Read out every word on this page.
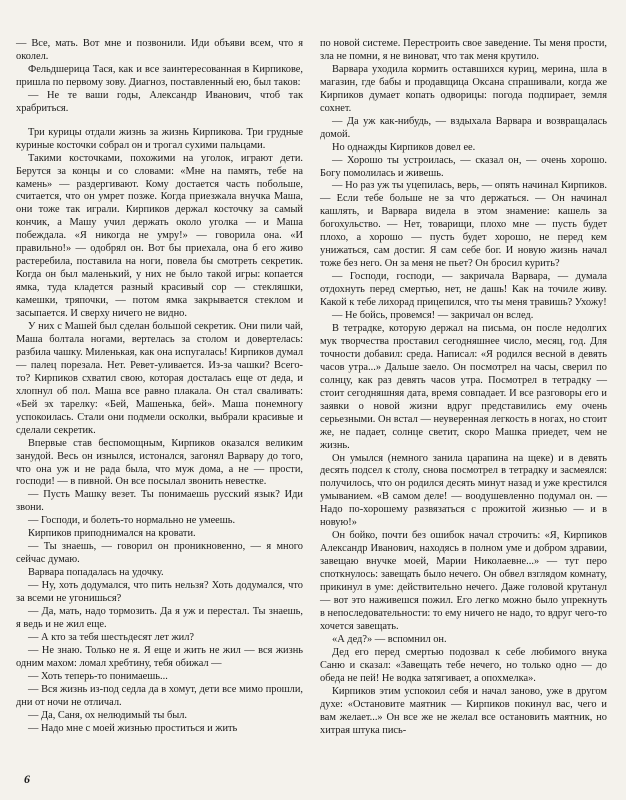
— Все, мать. Вот мне и позвонили. Иди объяви всем, что я околел.

Фельдшерица Тася, как и все заинтересованная в Кирпикове, пришла по первому зову. Диагноз, поставленный ею, был таков:

— Не те ваши годы, Александр Иванович, чтоб так храбриться.

Три курицы отдали жизнь за жизнь Кирпикова. Три грудные куриные косточки собрал он и трогал сухими пальцами.

Такими косточками, похожими на уголок, играют дети. Берутся за концы и со словами: «Мне на память, тебе на камень» — раздергивают. Кому достается часть побольше, считается, что он умрет позже. Когда приезжала внучка Маша, они тоже так играли. Кирпиков держал косточку за самый кончик, а Машу учил держать около уголка — и Маша побеждала. «Я никогда не умру!» — говорила она. «И правильно!» — одобрял он. Вот бы приехала, она б его живо растеребила, поставила на ноги, повела бы смотреть секретик. Когда он был маленький, у них не было такой игры: копается ямка, туда кладется разный красивый сор — стекляшки, камешки, тряпочки, — потом ямка закрывается стеклом и засыпается. И сверху ничего не видно.

У них с Машей был сделан большой секретик. Они пили чай, Маша болтала ногами, вертелась за столом и довертелась: разбила чашку. Миленькая, как она испугалась! Кирпиков думал — палец порезала. Нет. Ревет-уливается. Из-за чашки? Всего-то? Кирпиков схватил свою, которая досталась еще от деда, и хлопнул об пол. Маша все равно плакала. Он стал сваливать: «Бей эх тарелку: «Бей, Машенька, бей». Маша понемногу успокоилась. Стали они подмели осколки, выбрали красивые и сделали секретик.

Впервые став беспомощным, Кирпиков оказался великим занудой. Весь он изнылся, истонался, загонял Варвару до того, что она уж и не рада была, что муж дома, а не — прости, господи! — в пивной. Он все посылал звонить невестке.

— Пусть Машку везет. Ты понимаешь русский язык? Иди звони.

— Господи, и болеть-то нормально не умеешь.

Кирпиков приподнимался на кровати.

— Ты знаешь, — говорил он проникновенно, — я много сейчас думаю.

Варвара попадалась на удочку.

— Ну, хоть додумался, что пить нельзя? Хоть додумался, что за всеми не угонишься?

— Да, мать, надо тормозить. Да я уж и перестал. Ты знаешь, я ведь и не жил еще.

— А кто за тебя шестьдесят лет жил?

— Не знаю. Только не я. Я еще и жить не жил — вся жизнь одним махом: ломал хребтину, тебя обижал —

— Хоть теперь-то понимаешь...

— Вся жизнь из-под седла да в хомут, дети все мимо прошли, дни от ночи не отличал.

— Да, Саня, ох нелюдимый ты был.

— Надо мне с моей жизнью проститься и жить

по новой системе. Перестроить свое заведение. Ты меня прости, зла не помни, я не виноват, что так меня крутило.

Варвара уходила кормить оставшихся куриц, мерина, шла в магазин, где бабы и продавщица Оксана спрашивали, когда же Кирпиков думает копать одворицы: погода подпирает, земля сохнет.

— Да уж как-нибудь, — вздыхала Варвара и возвращалась домой.

Но однажды Кирпиков довел ее.

— Хорошо ты устроилась, — сказал он, — очень хорошо. Богу помолилась и живешь.

— Но раз уж ты уцепилась, верь, — опять начинал Кирпиков. — Если тебе больше не за что держаться. — Он начинал кашлять, и Варвара видела в этом знамение: кашель за богохульство. — Нет, товарищи, плохо мне — пусть будет плохо, а хорошо — пусть будет хорошо, не перед кем унижаться, сам достиг. Я сам себе бог. И новую жизнь начал тоже без него. Он за меня не пьет? Он бросил курить?

— Господи, господи, — закричала Варвара, — думала отдохнуть перед смертью, нет, не дашь! Как на точиле живу. Какой к тебе лихорад прицепился, что ты меня травишь? Ухожу!

— Не бойсь, провемся! — закричал он вслед.

В тетрадке, которую держал на письма, он после недолгих мук творчества проставил сегодняшнее число, месяц, год. Для точности добавил: среда. Написал: «Я родился весной в девять часов утра...» Дальше заело. Он посмотрел на часы, сверил по солнцу, как раз девять часов утра. Посмотрел в тетрадку — стоит сегодняшняя дата, время совпадает. И все разговоры его и заявки о новой жизни вдруг представились ему очень серьезными. Он встал — неуверенная легкость в ногах, но стоит же, не падает, солнце светит, скоро Машка приедет, чем не жизнь.

Он умылся (немного занила царапина на щеке) и в девять десять подсел к столу, снова посмотрел в тетрадку и засмеялся: получилось, что он родился десять минут назад и уже крестился умыванием. «В самом деле! — воодушевленно подумал он. — Надо по-хорошему развязаться с прожитой жизнью — и в новую!»

Он бойко, почти без ошибок начал строчить: «Я, Кирпиков Александр Иванович, находясь в полном уме и добром здравии, завещаю внучке моей, Марии Николаевне...» — тут перо споткнулось: завещать было нечего. Он обвел взглядом комнату, прикинул в уме: действительно нечего. Даже головой крутанул — вот это наживешся пожил. Его легко можно было упрекнуть в непоследовательности: то ему ничего не надо, то вдруг чего-то хочется завещать.

«А дед?» — вспомнил он.

Дед его перед смертью подозвал к себе любимого внука Саню и сказал: «Завещать тебе нечего, но только одно — до обеда не пей! Не водка затягивает, а опохмелка».

Кирпиков этим успокоил себя и начал заново, уже в другом духе: «Остановите маятник — Кирпиков покинул вас, чего и вам желает...» Он все же не желал все остановить маятник, но хитрая штука пись-

6
